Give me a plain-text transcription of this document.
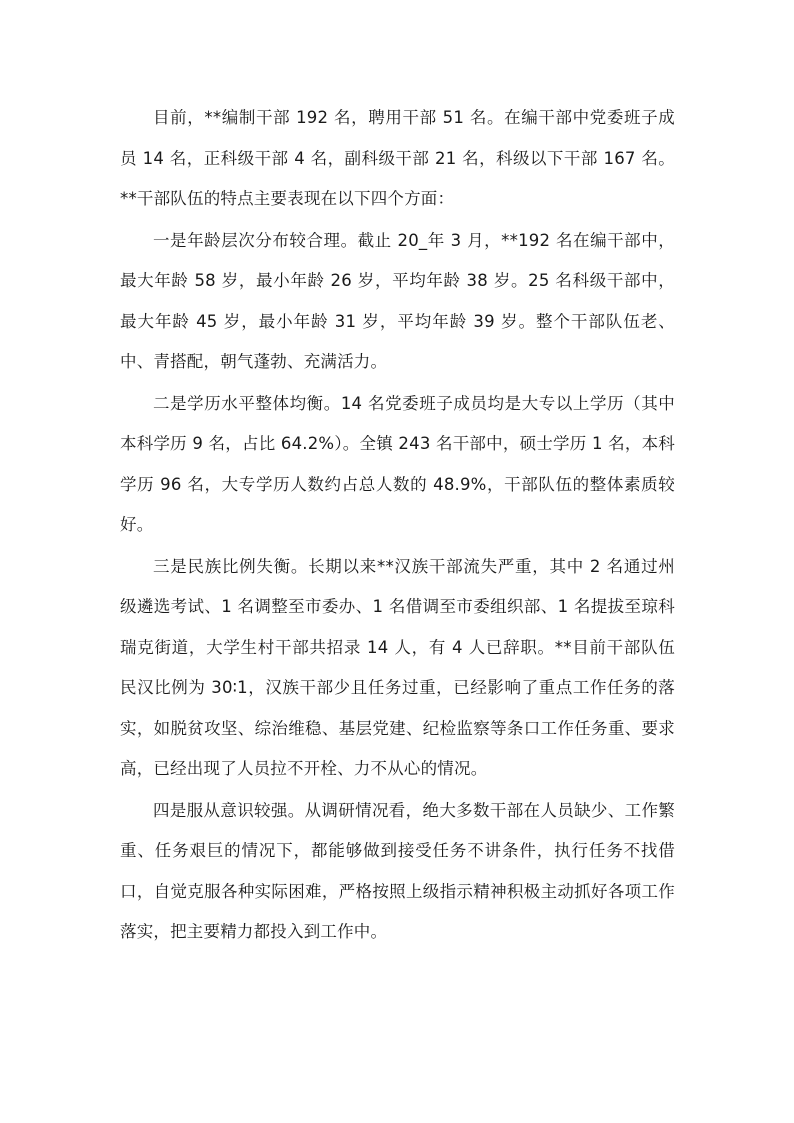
目前，**编制干部 192 名，聘用干部 51 名。在编干部中党委班子成员 14 名，正科级干部 4 名，副科级干部 21 名，科级以下干部 167 名。**干部队伍的特点主要表现在以下四个方面：

一是年龄层次分布较合理。截止 20_年 3 月，**192 名在编干部中，最大年龄 58 岁，最小年龄 26 岁，平均年龄 38 岁。25 名科级干部中，最大年龄 45 岁，最小年龄 31 岁，平均年龄 39 岁。整个干部队伍老、中、青搭配，朝气蓬勃、充满活力。

二是学历水平整体均衡。14 名党委班子成员均是大专以上学历（其中本科学历 9 名，占比 64.2%）。全镇 243 名干部中，硕士学历 1 名，本科学历 96 名，大专学历人数约占总人数的 48.9%，干部队伍的整体素质较好。

三是民族比例失衡。长期以来**汉族干部流失严重，其中 2 名通过州级遴选考试、1 名调整至市委办、1 名借调至市委组织部、1 名提拔至琼科瑞克街道，大学生村干部共招录 14 人，有 4 人已辞职。**目前干部队伍民汉比例为 30∶1，汉族干部少且任务过重，已经影响了重点工作任务的落实，如脱贫攻坚、综治维稳、基层党建、纪检监察等条口工作任务重、要求高，已经出现了人员拉不开栓、力不从心的情况。

四是服从意识较强。从调研情况看，绝大多数干部在人员缺少、工作繁重、任务艰巨的情况下，都能够做到接受任务不讲条件，执行任务不找借口，自觉克服各种实际困难，严格按照上级指示精神积极主动抓好各项工作落实，把主要精力都投入到工作中。
